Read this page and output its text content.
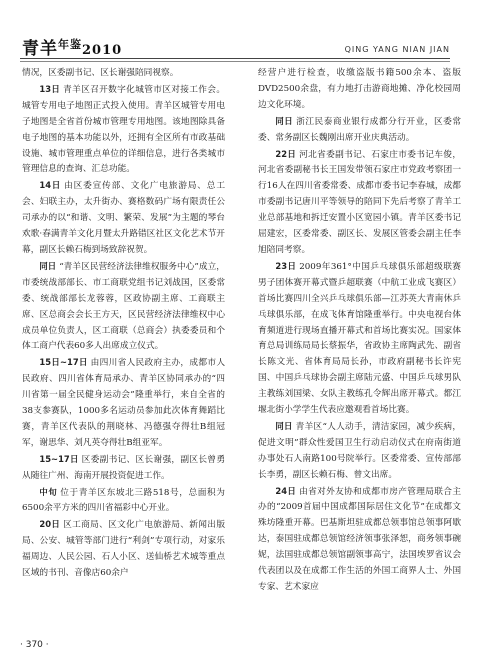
青羊$^{年鉴}$2010	QING YANG NIAN JIAN

情况，区委副书记、区长谢强陪同视察。

13日 青羊区召开数字化城管市区对接工作会。城管专用电子地图正式投入使用。青羊区城管专用电子地图是全省首份城市管理专用地图。该地图除具备电子地图的基本功能以外，还拥有全区所有市政基础设施、城市管理重点单位的详细信息，进行各类城市管理信息的查询、汇总功能。

14日 由区委宣传部、文化广电旅游局、总工会、妇联主办，太升街办、赛格数码广场有限责任公司承办的以“和谐、文明、繁荣、发展”为主题的琴台欢歌·春满青羊文化月暨太升路错区社区文化艺术节开幕，副区长赖石梅到场致辞祝贺。

同日 “青羊区民营经济法律维权服务中心”成立，市委统战部部长、市工商联党组书记刘战国，区委常委、统战部部长龙蓉蓉，区政协副主席、工商联主席、区总商会会长王方天，区民营经济法律维权中心成员单位负责人，区工商联（总商会）执委委员和个体工商户代表60多人出席成立仪式。

15日~17日 由四川省人民政府主办，成都市人民政府、四川省体育局承办、青羊区协同承办的“四川省第一届全民健身运动会”隆重举行，来自全省的38支参赛队，1000多名运动员参加此次体育舞蹈比赛，青羊区代表队的荆晓林、冯德强夺得壮B组冠军，谢思华、刘凡英夺得壮B组亚军。

15~17日 区委副书记、区长谢强，副区长曾勇从随往广州、海南开展投资促进工作。

中旬 位于青羊区东坡北三路518号，总面积为6500余平方米的四川省福彩中心开业。

20日 区工商局、区文化广电旅游局、新闻出版局、公安、城管等部门进行“利剑”专项行动，对家乐福周边、人民公园、石人小区、送仙桥艺术城等重点区域的书刊、音像店60余户

经营户进行检查，收缴盗版书籍500余本、盗版DVD2500余盘，有力地打击游商地摊、净化校园周边文化环境。

同日 浙江民泰商业银行成都分行开业，区委常委、常务副区长魏刚出席开业庆典活动。

22日 河北省委副书记、石家庄市委书记车俊，河北省委副秘书长王国发带领石家庄市党政考察团一行16人在四川省委常委、成都市委书记李春城，成都市委副书记唐川平等领导的陪同下先后考察了青羊工业总部基地和拆迁安置小区宽园小镇。青羊区委书记屈建宏，区委常委、副区长、发展区管委会副主任李旭陪同考察。

23日 2009年361°中国乒乓球俱乐部超级联赛男子团体赛开幕式暨乒超联赛（中航工业成飞赛区）首场比赛四川全兴乒乓球俱乐部—江苏英大青南休乒乓球俱乐部，在成飞体育馆隆重举行。中央电视台体育频道进行现场直播开幕式和首场比赛实况。国家体育总局训练局局长蔡振华，省政协主席陶武先、副省长陈文光、省体育局局长孙，市政府副秘书长许宪国、中国乒乓球协会副主席陆元盛、中国乒乓球男队主教练刘国梁、女队主教练孔令辉出席开幕式。都江堰北街小学学生代表应邀观看首场比赛。

同日 青羊区“人人动手，清洁家园，减少疾病，促进文明”群众性爱国卫生行动启动仪式在府南街道办事处石人南路100号院举行。区委常委、宣传部部长李勇，副区长赖石梅、曾文出席。

24日 由省对外友协和成都市房产管理局联合主办的“2009首届中国成都国际居住文化节”在成都文殊坊隆重开幕。巴基斯坦驻成都总领事馆总领事阿歇达，泰国驻成都总领馆经济领事张泽恕，商务领事碗妮，法国驻成都总领馆副领事高宁，法国埃罗省议会代表团以及在成都工作生活的外国工商界人士、外国专家、艺术家应

· 370 ·
